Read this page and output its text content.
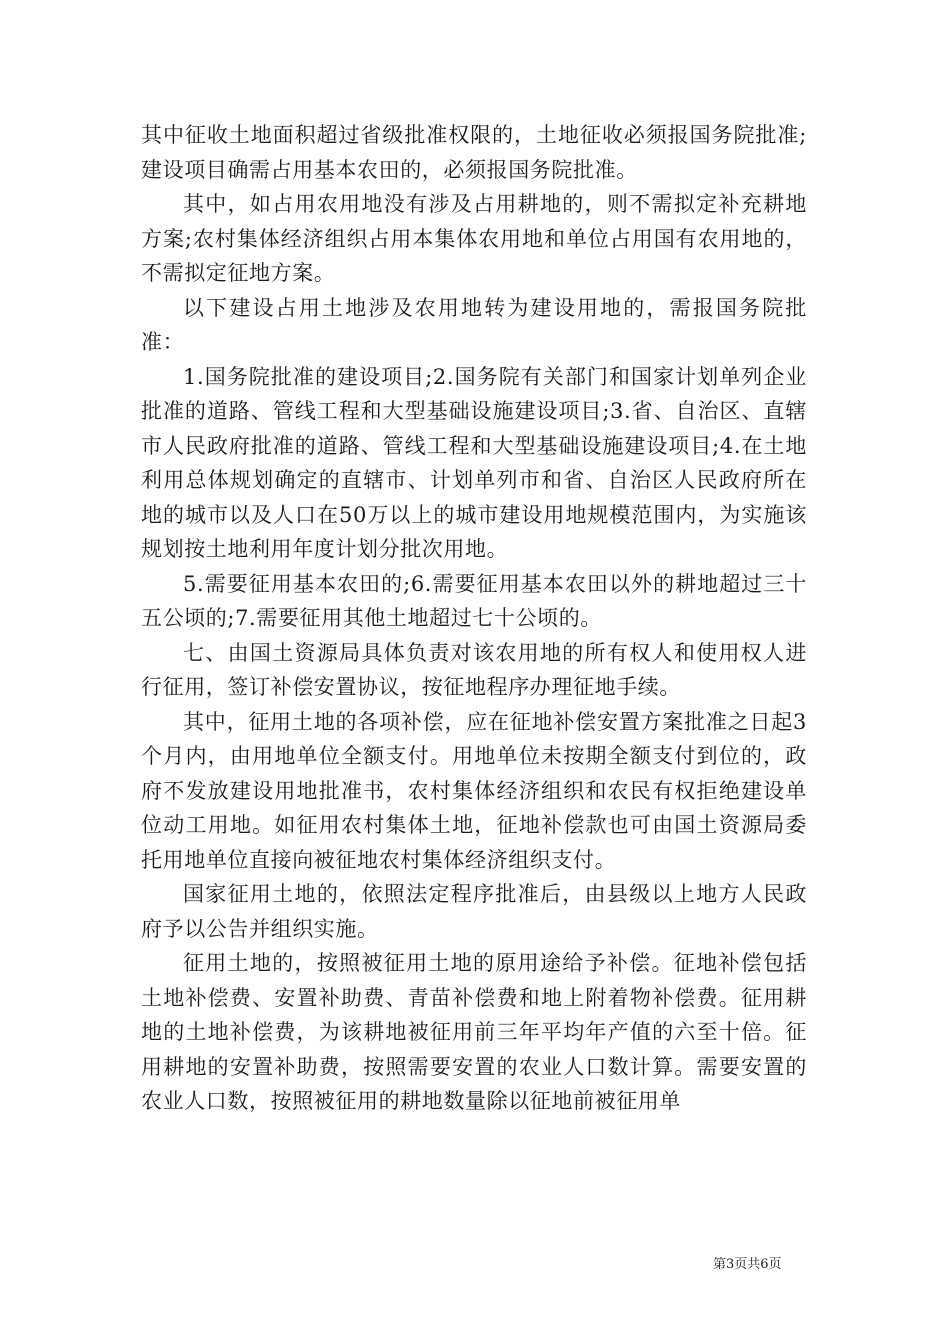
其中征收土地面积超过省级批准权限的，土地征收必须报国务院批准;建设项目确需占用基本农田的，必须报国务院批准。

其中，如占用农用地没有涉及占用耕地的，则不需拟定补充耕地方案;农村集体经济组织占用本集体农用地和单位占用国有农用地的，不需拟定征地方案。

以下建设占用土地涉及农用地转为建设用地的，需报国务院批准：

1.国务院批准的建设项目;2.国务院有关部门和国家计划单列企业批准的道路、管线工程和大型基础设施建设项目;3.省、自治区、直辖市人民政府批准的道路、管线工程和大型基础设施建设项目;4.在土地利用总体规划确定的直辖市、计划单列市和省、自治区人民政府所在地的城市以及人口在50万以上的城市建设用地规模范围内，为实施该规划按土地利用年度计划分批次用地。

5.需要征用基本农田的;6.需要征用基本农田以外的耕地超过三十五公顷的;7.需要征用其他土地超过七十公顷的。

七、由国土资源局具体负责对该农用地的所有权人和使用权人进行征用，签订补偿安置协议，按征地程序办理征地手续。

其中，征用土地的各项补偿，应在征地补偿安置方案批准之日起3个月内，由用地单位全额支付。用地单位未按期全额支付到位的，政府不发放建设用地批准书，农村集体经济组织和农民有权拒绝建设单位动工用地。如征用农村集体土地，征地补偿款也可由国土资源局委托用地单位直接向被征地农村集体经济组织支付。

国家征用土地的，依照法定程序批准后，由县级以上地方人民政府予以公告并组织实施。

征用土地的，按照被征用土地的原用途给予补偿。征地补偿包括土地补偿费、安置补助费、青苗补偿费和地上附着物补偿费。征用耕地的土地补偿费，为该耕地被征用前三年平均年产值的六至十倍。征用耕地的安置补助费，按照需要安置的农业人口数计算。需要安置的农业人口数，按照被征用的耕地数量除以征地前被征用单

第3页共6页
